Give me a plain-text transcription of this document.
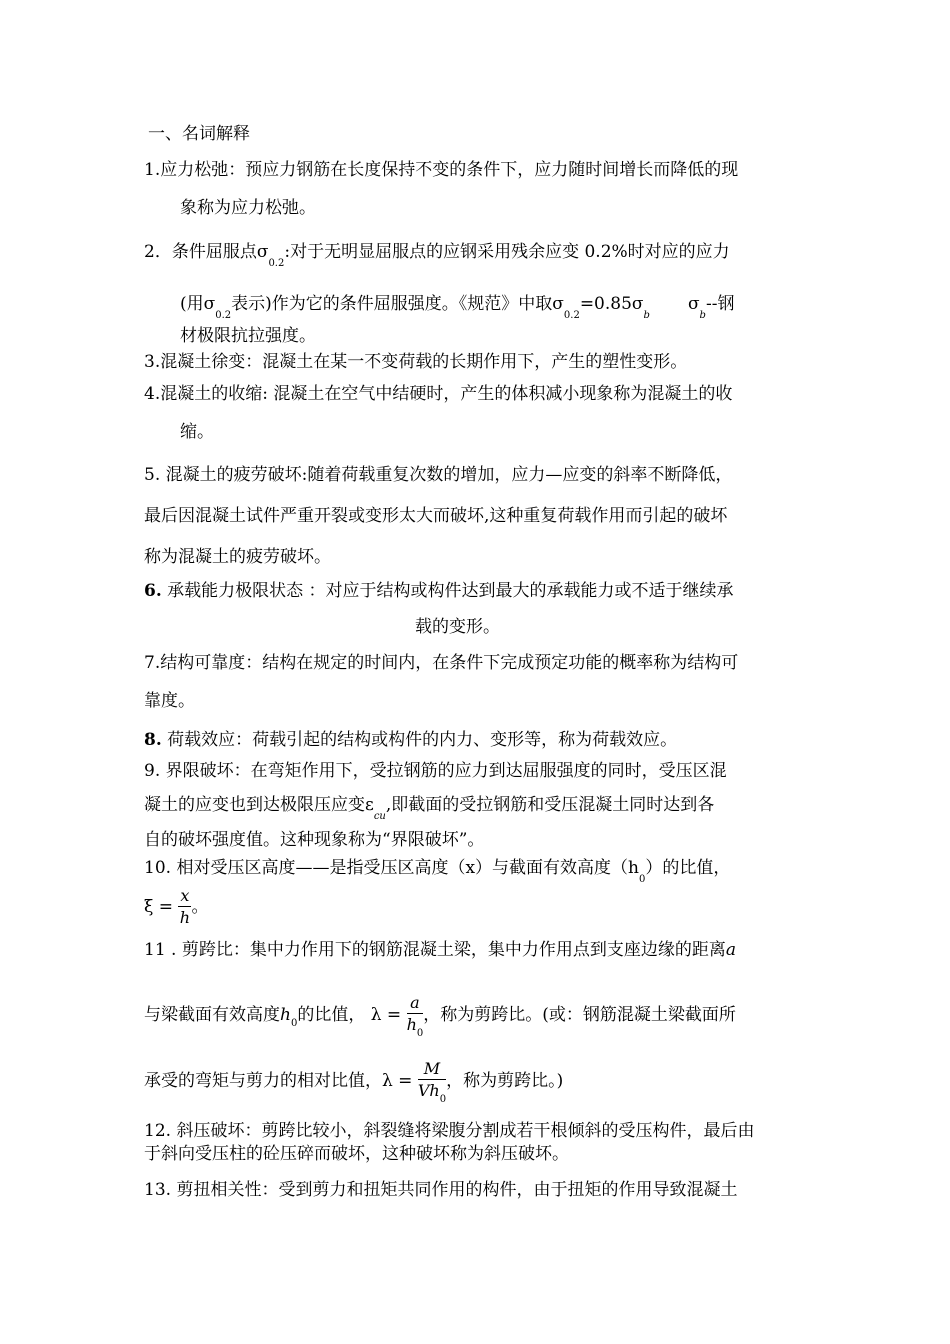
一、名词解释
1.应力松弛：预应力钢筋在长度保持不变的条件下，应力随时间增长而降低的现
象称为应力松弛。
2．条件屈服点$\sigma_{0.2}$:对于无明显屈服点的应钢采用残余应变 0.2%时对应的应力
(用$\sigma_{0.2}$表示)作为它的条件屈服强度。《规范》中取$\sigma_{0.2}=0.85\sigma_b\sigma_b--$钢
材极限抗拉强度。
3.混凝土徐变：混凝土在某一不变荷载的长期作用下，产生的塑性变形。
4.混凝土的收缩: 混凝土在空气中结硬时，产生的体积减小现象称为混凝土的收
缩。
5. 混凝土的疲劳破坏:随着荷载重复次数的增加，应力—应变的斜率不断降低，
最后因混凝土试件严重开裂或变形太大而破坏,这种重复荷载作用而引起的破坏
称为混凝土的疲劳破坏。
6. 承载能力极限状态 ：对应于结构或构件达到最大的承载能力或不适于继续承
载的变形。
7.结构可靠度：结构在规定的时间内，在条件下完成预定功能的概率称为结构可
靠度。
8. 荷载效应：荷载引起的结构或构件的内力、变形等，称为荷载效应。
9. 界限破坏：在弯矩作用下，受拉钢筋的应力到达屈服强度的同时，受压区混
凝土的应变也到达极限压应变$\varepsilon_{cu}$,即截面的受拉钢筋和受压混凝土同时达到各
自的破坏强度值。这种现象称为“界限破坏”。
10. 相对受压区高度——是指受压区高度（x）与截面有效高度$(h_0)$的比值，
$\xi = \frac{x}{h}$ 。
11 . 剪跨比：集中力作用下的钢筋混凝土梁，集中力作用点到支座边缘的距离a
与梁截面有效高度$h_0$的比值， $\lambda = \frac{a}{h_0}$ ，称为剪跨比。(或：钢筋混凝土梁截面所
承受的弯矩与剪力的相对比值，$\lambda = \frac{M}{Vh_0}$ ，称为剪跨比。)
12. 斜压破坏：剪跨比较小，斜裂缝将梁腹分割成若干根倾斜的受压构件，最后由
于斜向受压柱的砼压碎而破坏，这种破坏称为斜压破坏。
13. 剪扭相关性：受到剪力和扭矩共同作用的构件，由于扭矩的作用导致混凝土
